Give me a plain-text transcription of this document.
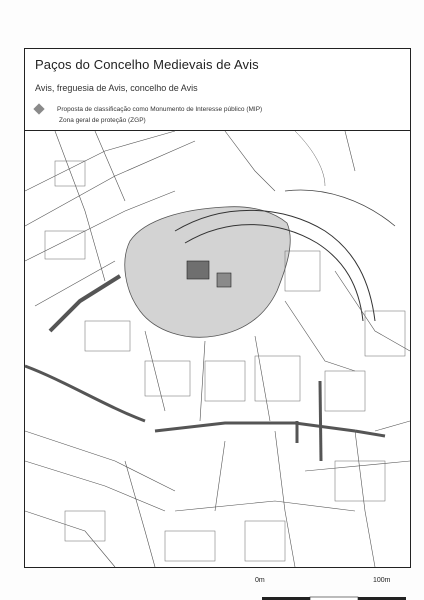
Paços do Concelho Medievais de Avis
Avis, freguesia de Avis, concelho de Avis
Proposta de classificação como Monumento de Interesse público (MIP)
Zona geral de proteção (ZGP)
0m	100m
